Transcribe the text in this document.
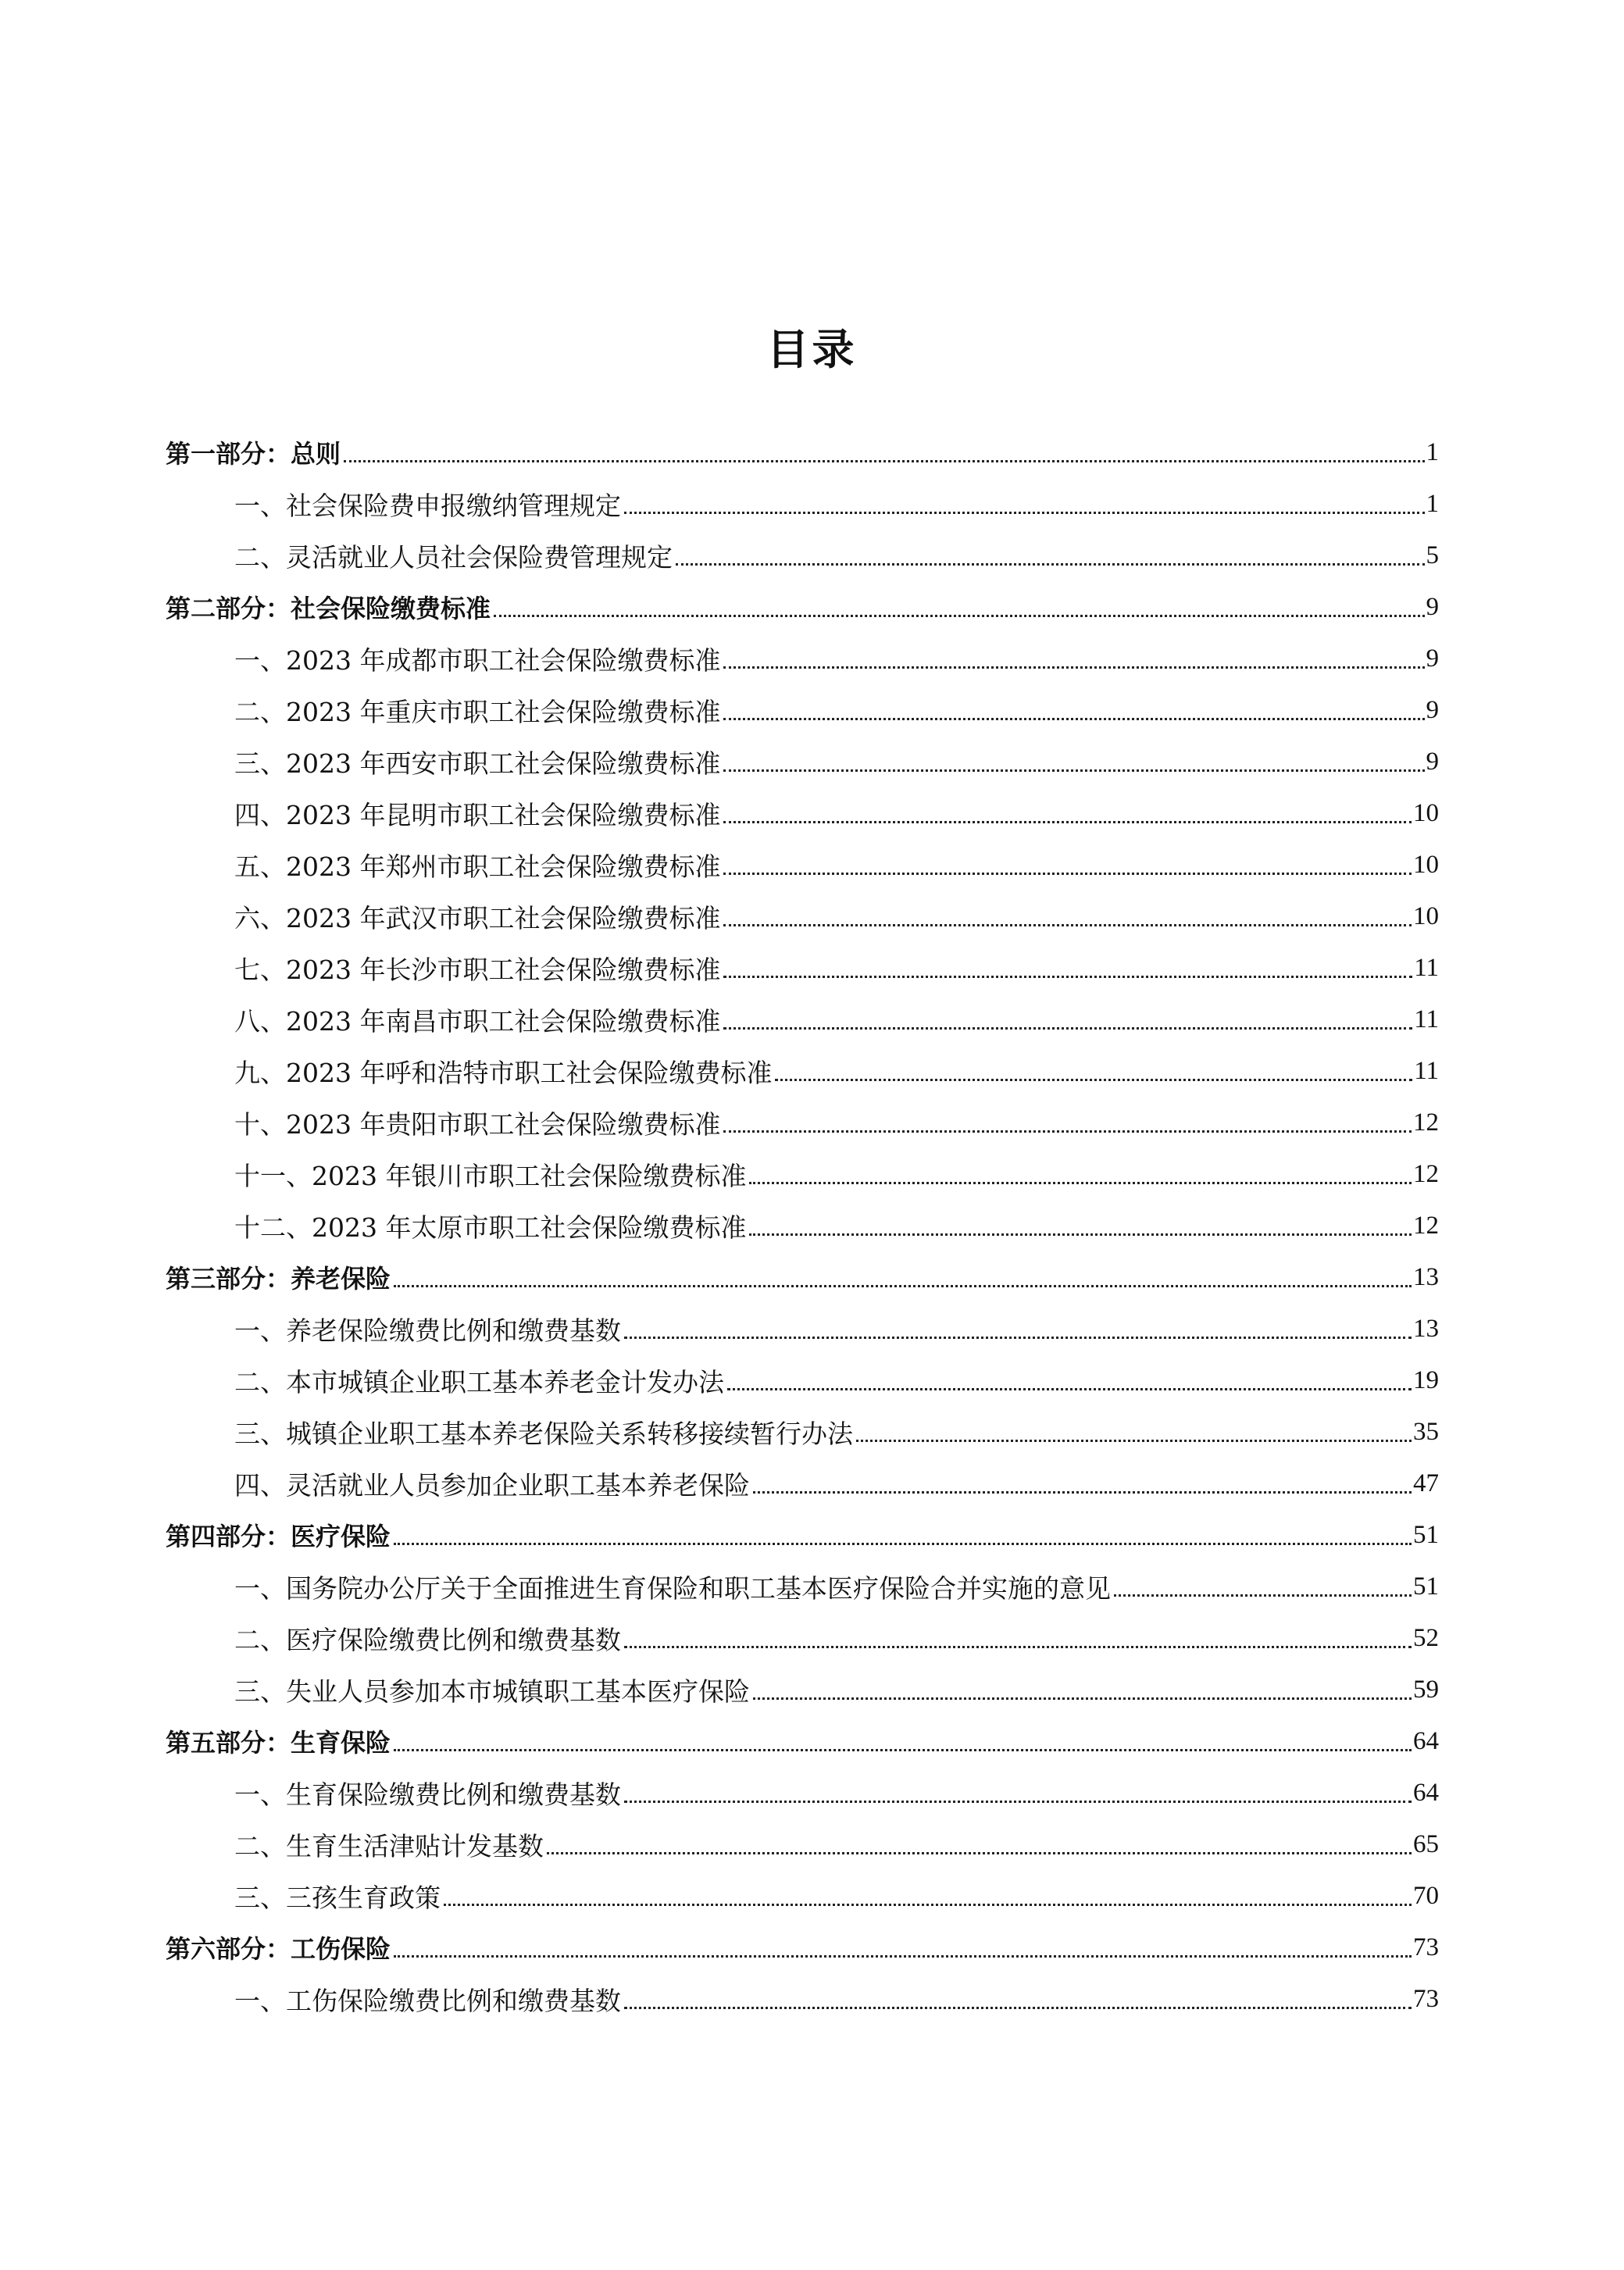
目录
第一部分：总则	1
一、社会保险费申报缴纳管理规定	1
二、灵活就业人员社会保险费管理规定	5
第二部分：社会保险缴费标准	9
一、2023 年成都市职工社会保险缴费标准	9
二、2023 年重庆市职工社会保险缴费标准	9
三、2023 年西安市职工社会保险缴费标准	9
四、2023 年昆明市职工社会保险缴费标准	10
五、2023 年郑州市职工社会保险缴费标准	10
六、2023 年武汉市职工社会保险缴费标准	10
七、2023 年长沙市职工社会保险缴费标准	11
八、2023 年南昌市职工社会保险缴费标准	11
九、2023 年呼和浩特市职工社会保险缴费标准	11
十、2023 年贵阳市职工社会保险缴费标准	12
十一、2023 年银川市职工社会保险缴费标准	12
十二、2023 年太原市职工社会保险缴费标准	12
第三部分：养老保险	13
一、养老保险缴费比例和缴费基数	13
二、本市城镇企业职工基本养老金计发办法	19
三、城镇企业职工基本养老保险关系转移接续暂行办法	35
四、灵活就业人员参加企业职工基本养老保险	47
第四部分：医疗保险	51
一、国务院办公厅关于全面推进生育保险和职工基本医疗保险合并实施的意见	51
二、医疗保险缴费比例和缴费基数	52
三、失业人员参加本市城镇职工基本医疗保险	59
第五部分：生育保险	64
一、生育保险缴费比例和缴费基数	64
二、生育生活津贴计发基数	65
三、三孩生育政策	70
第六部分：工伤保险	73
一、工伤保险缴费比例和缴费基数	73
